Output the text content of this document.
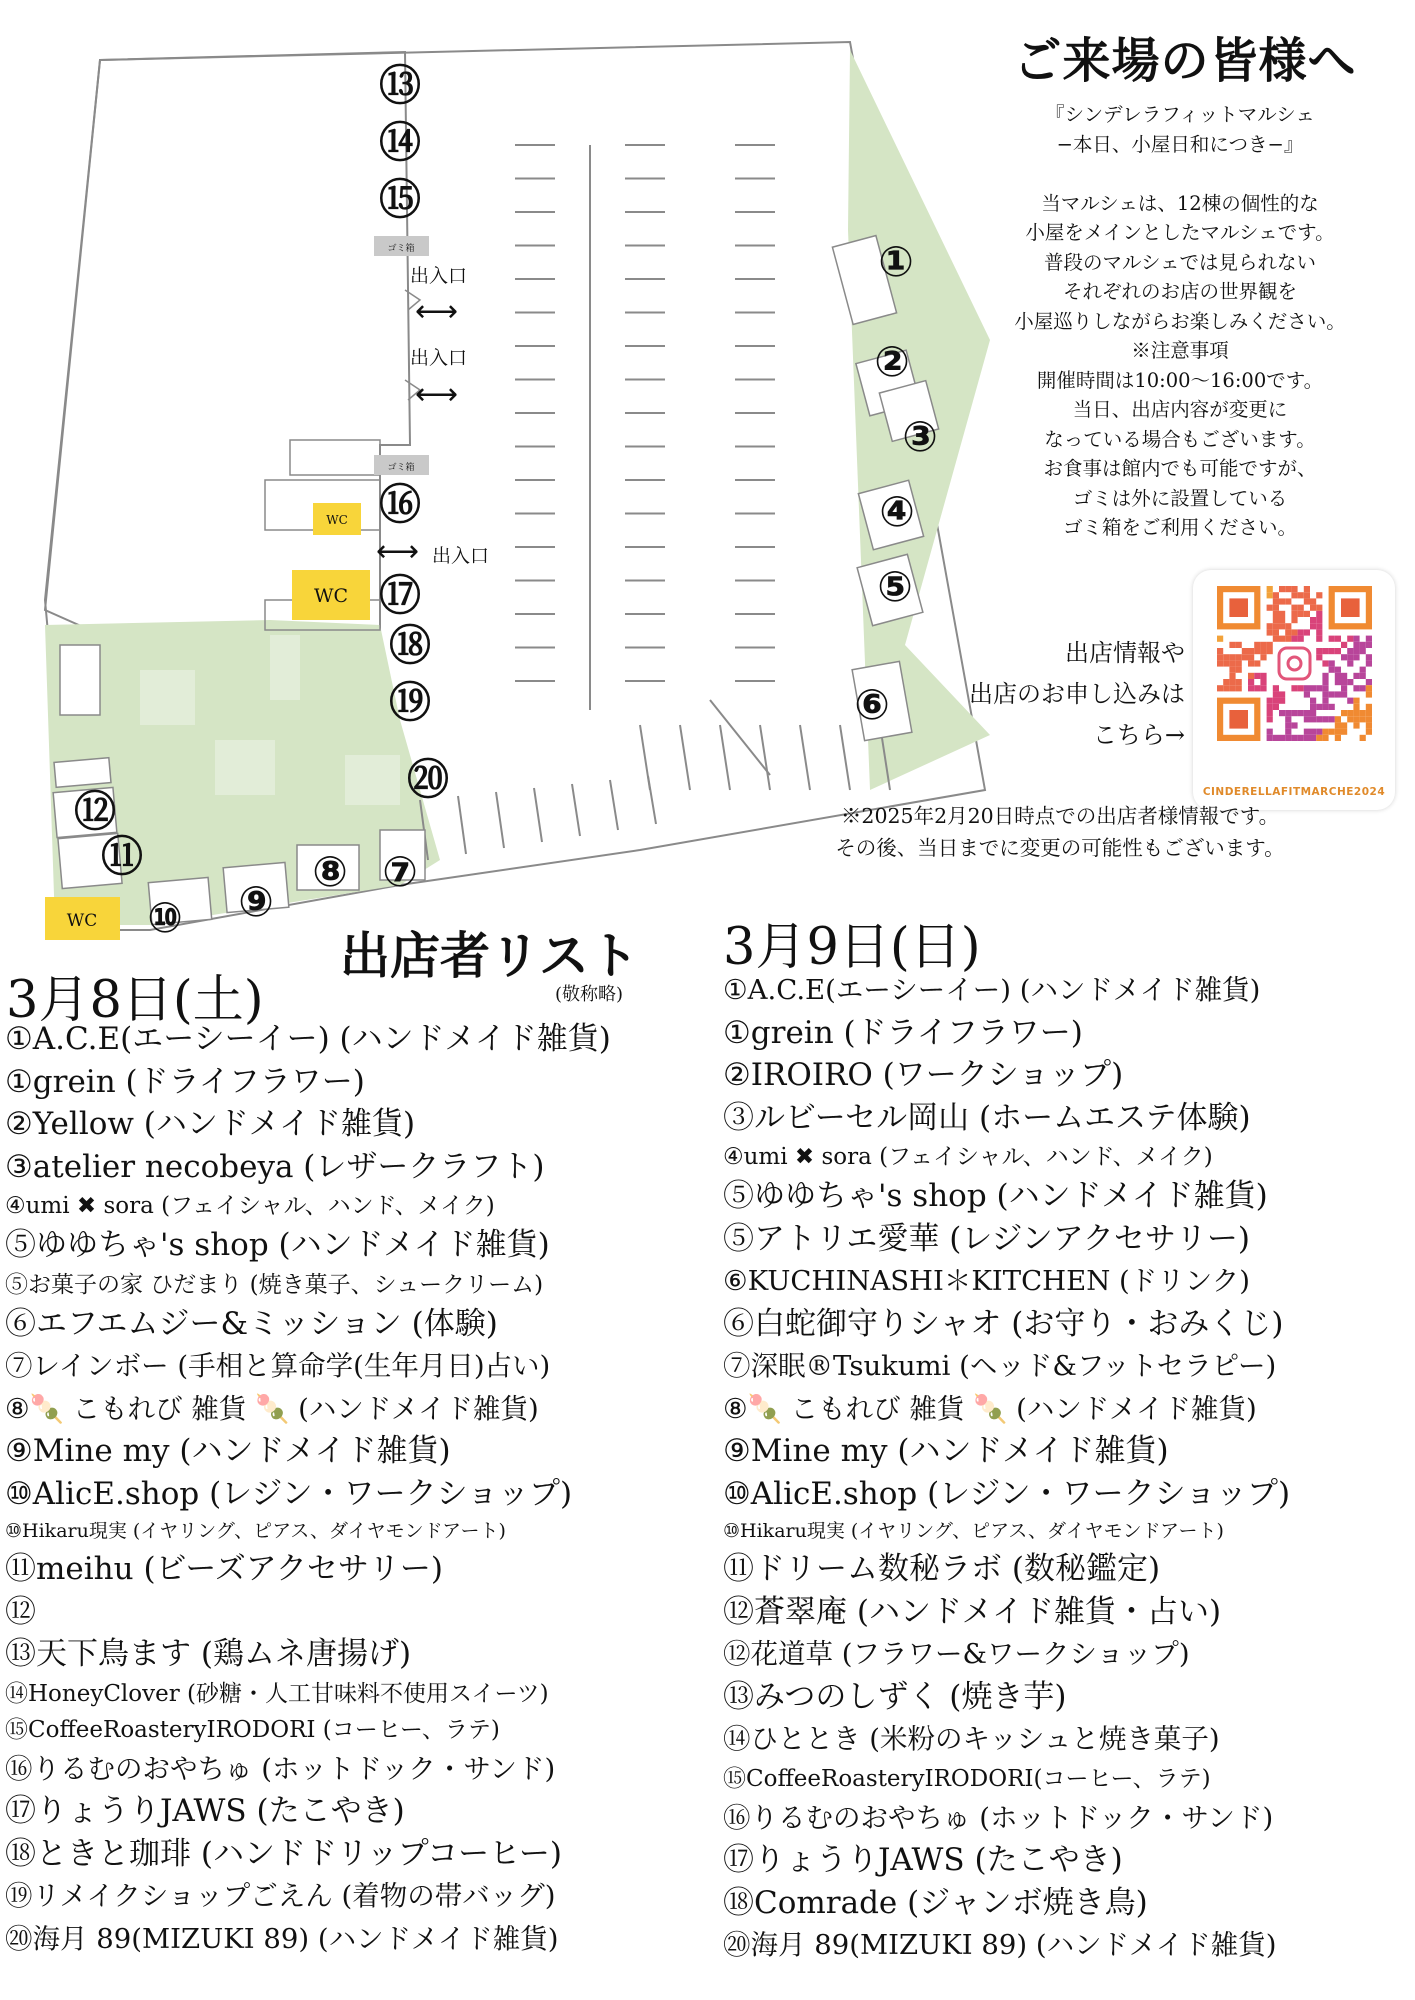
ゴミ箱
ゴミ箱
WC
WC
WC
出入口
⟷
出入口
⟷
⟷ 出入口
①
②
③
④
⑤
⑥
⑦
⑧
⑨
⑩
⑪
⑫
⑬
⑭
⑮
⑯
⑰
⑱
⑲
⑳
ご来場の皆様へ
『シンデレラフィットマルシェ
−本日、小屋日和につき−』
当マルシェは、12棟の個性的な
小屋をメインとしたマルシェです。
普段のマルシェでは見られない
それぞれのお店の世界観を
小屋巡りしながらお楽しみください。
※注意事項
開催時間は10:00〜16:00です。
当日、出店内容が変更に
なっている場合もございます。
お食事は館内でも可能ですが、
ゴミは外に設置している
ゴミ箱をご利用ください。
出店情報や
出店のお申し込みは
こちら→
CINDERELLAFITMARCHE2024
※2025年2月20日時点での出店者様情報です。
その後、当日までに変更の可能性もございます。
出店者リスト
(敬称略)
3月8日(土)
3月9日(日)
①A.C.E(エーシーイー) (ハンドメイド雑貨)
①grein (ドライフラワー)
②Yellow (ハンドメイド雑貨)
③atelier necobeya (レザークラフト)
④umi ✖ sora (フェイシャル、ハンド、メイク)
⑤ゆゆちゃ's shop (ハンドメイド雑貨)
⑤お菓子の家 ひだまり (焼き菓子、シュークリーム)
⑥エフエムジー&ミッション (体験)
⑦レインボー (手相と算命学(生年月日)占い)
⑧🍡 こもれび 雑貨 🍡 (ハンドメイド雑貨)
⑨Mine my (ハンドメイド雑貨)
⑩AlicE.shop (レジン・ワークショップ)
⑩Hikaru現実 (イヤリング、ピアス、ダイヤモンドアート)
⑪meihu (ビーズアクセサリー)
⑫
⑬天下鳥ます (鶏ムネ唐揚げ)
⑭HoneyClover (砂糖・人工甘味料不使用スイーツ)
⑮CoffeeRoasteryIRODORI (コーヒー、ラテ)
⑯りるむのおやちゅ (ホットドック・サンド)
⑰りょうりJAWS (たこやき)
⑱ときと珈琲 (ハンドドリップコーヒー)
⑲リメイクショップごえん (着物の帯バッグ)
⑳海月 89(MIZUKI 89) (ハンドメイド雑貨)
①A.C.E(エーシーイー) (ハンドメイド雑貨)
①grein (ドライフラワー)
②IROIRO (ワークショップ)
③ルビーセル岡山 (ホームエステ体験)
④umi ✖ sora (フェイシャル、ハンド、メイク)
⑤ゆゆちゃ's shop (ハンドメイド雑貨)
⑤アトリエ愛華 (レジンアクセサリー)
⑥KUCHINASHI＊KITCHEN (ドリンク)
⑥白蛇御守りシャオ (お守り・おみくじ)
⑦深眠®Tsukumi (ヘッド&フットセラピー)
⑧🍡 こもれび 雑貨 🍡 (ハンドメイド雑貨)
⑨Mine my (ハンドメイド雑貨)
⑩AlicE.shop (レジン・ワークショップ)
⑩Hikaru現実 (イヤリング、ピアス、ダイヤモンドアート)
⑪ドリーム数秘ラボ (数秘鑑定)
⑫蒼翠庵 (ハンドメイド雑貨・占い)
⑫花道草 (フラワー&ワークショップ)
⑬みつのしずく (焼き芋)
⑭ひととき (米粉のキッシュと焼き菓子)
⑮CoffeeRoasteryIRODORI(コーヒー、ラテ)
⑯りるむのおやちゅ (ホットドック・サンド)
⑰りょうりJAWS (たこやき)
⑱Comrade (ジャンボ焼き鳥)
⑳海月 89(MIZUKI 89) (ハンドメイド雑貨)
